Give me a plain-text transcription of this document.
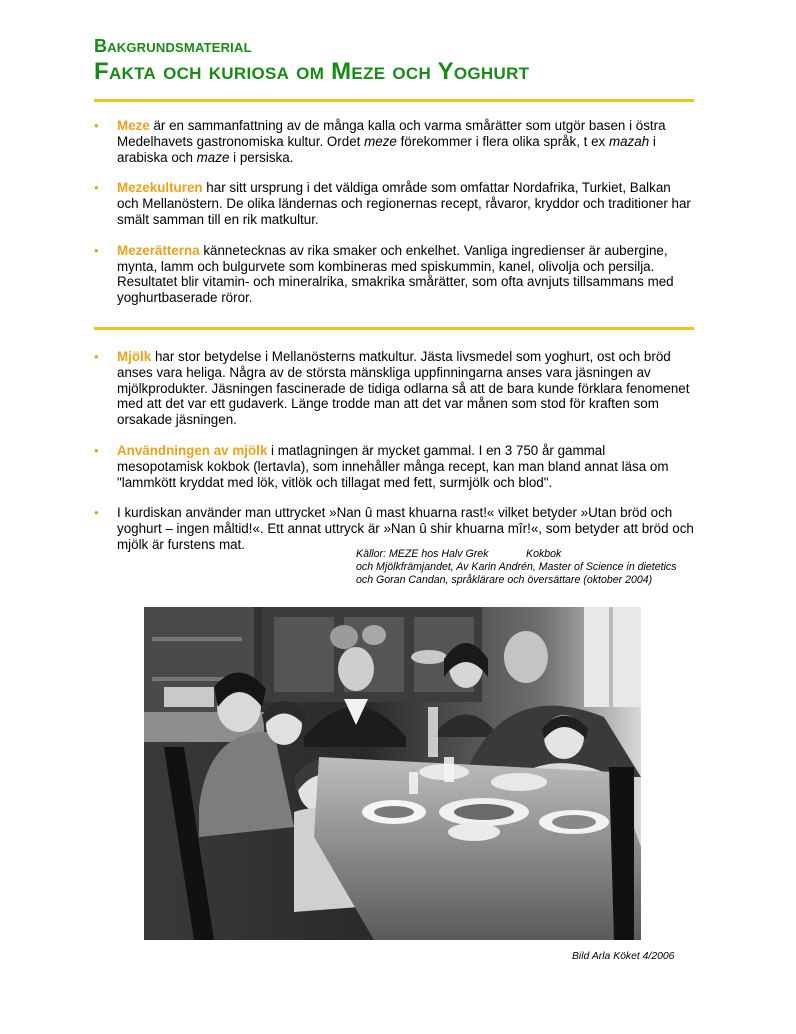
Bakgrundsmaterial

Fakta och kuriosa om Meze och Yoghurt
• Meze är en sammanfattning av de många kalla och varma smårätter som utgör basen i östra Medelhavets gastronomiska kultur. Ordet meze förekommer i flera olika språk, t ex mazah i arabiska och maze i persiska.
• Mezekulturen har sitt ursprung i det väldiga område som omfattar Nordafrika, Turkiet, Balkan och Mellanöstern. De olika ländernas och regionernas recept, råvaror, kryddor och traditioner har smält samman till en rik matkultur.
• Mezerätterna kännetecknas av rika smaker och enkelhet. Vanliga ingredienser är aubergine, mynta, lamm och bulgurvete som kombineras med spiskummin, kanel, olivolja och persilja. Resultatet blir vitamin- och mineralrika, smakrika smårätter, som ofta avnjuts tillsammans med yoghurtbaserade röror.
• Mjölk har stor betydelse i Mellanösterns matkultur. Jästa livsmedel som yoghurt, ost och bröd anses vara heliga. Några av de största mänskliga uppfinningarna anses vara jäsningen av mjölkprodukter. Jäsningen fascinerade de tidiga odlarna så att de bara kunde förklara fenomenet med att det var ett gudaverk. Länge trodde man att det var månen som stod för kraften som orsakade jäsningen.
• Användningen av mjölk i matlagningen är mycket gammal. I en 3 750 år gammal mesopotamisk kokbok (lertavla), som innehåller många recept, kan man bland annat läsa om "lammkött kryddat med lök, vitlök och tillagat med fett, surmjölk och blod".
• I kurdiskan använder man uttrycket »Nan û mast khuarna rast!« vilket betyder »Utan bröd och yoghurt – ingen måltid!«. Ett annat uttryck är »Nan û shir khuarna mîr!«, som betyder att bröd och mjölk är furstens mat.
Källor: MEZE hos Halv Grek	Kokbok
och Mjölkfrämjandet, Av Karin Andrén, Master of Science in dietetics
och Goran Candan, språklärare och översättare (oktober 2004)

Bild Arla Köket 4/2006
